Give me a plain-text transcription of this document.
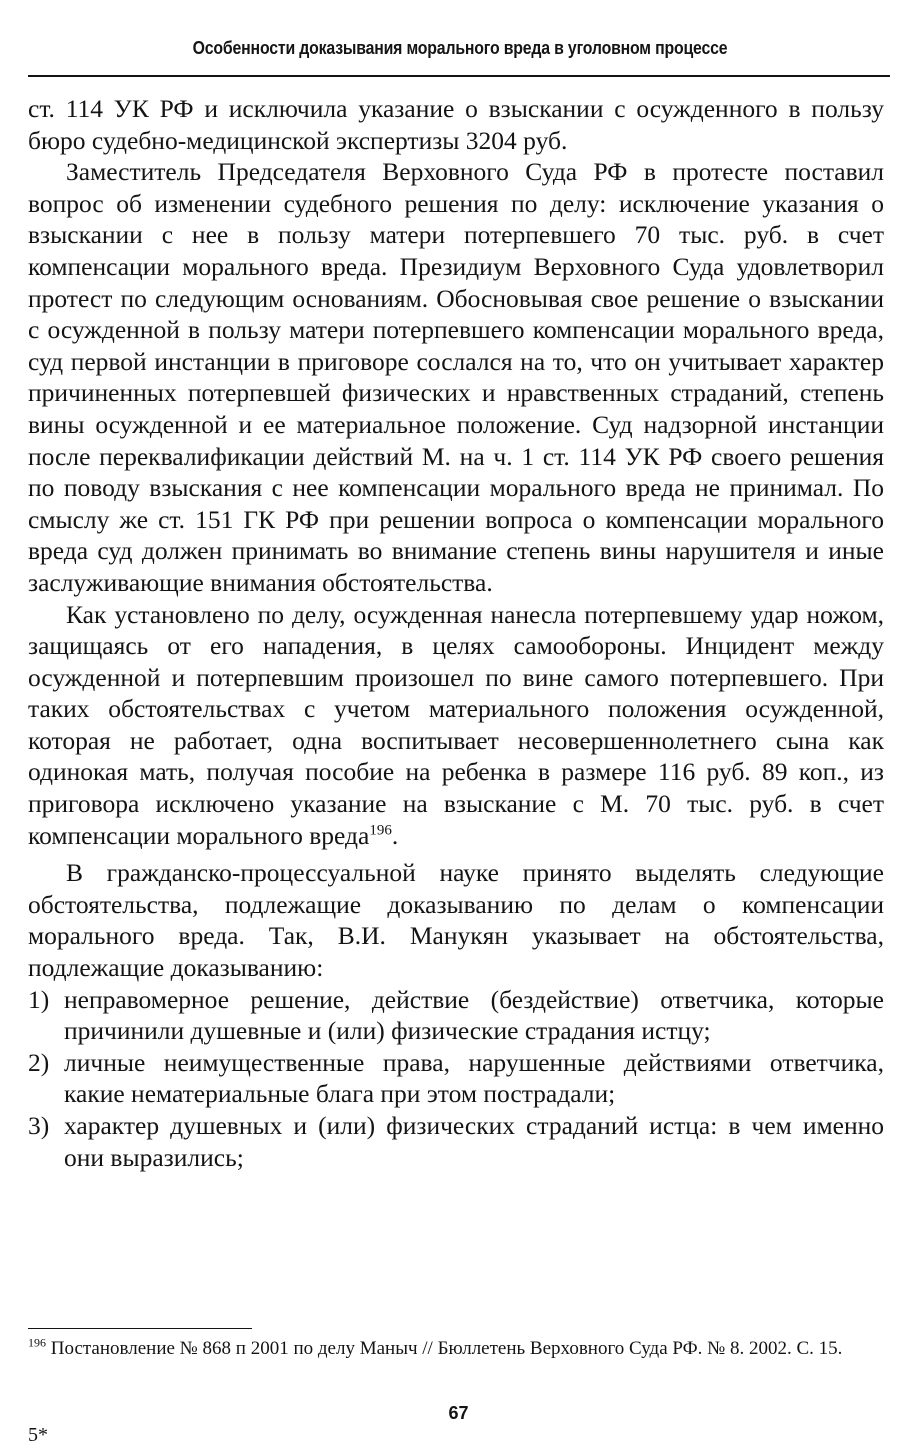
Особенности доказывания морального вреда в уголовном процессе

ст. 114 УК РФ и исключила указание о взыскании с осужденного в пользу бюро судебно-медицинской экспертизы 3204 руб.

Заместитель Председателя Верховного Суда РФ в протесте поставил вопрос об изменении судебного решения по делу: исключение указания о взыскании с нее в пользу матери потерпевшего 70 тыс. руб. в счет компенсации морального вреда. Президиум Верховного Суда удовлетворил протест по следующим основаниям. Обосновывая свое решение о взыскании с осужденной в пользу матери потерпевшего компенсации морального вреда, суд первой инстанции в приговоре сослался на то, что он учитывает характер причиненных потерпевшей физических и нравственных страданий, степень вины осужденной и ее материальное положение. Суд надзорной инстанции после переквалификации действий М. на ч. 1 ст. 114 УК РФ своего решения по поводу взыскания с нее компенсации морального вреда не принимал. По смыслу же ст. 151 ГК РФ при решении вопроса о компенсации морального вреда суд должен принимать во внимание степень вины нарушителя и иные заслуживающие внимания обстоятельства.

Как установлено по делу, осужденная нанесла потерпевшему удар ножом, защищаясь от его нападения, в целях самообороны. Инцидент между осужденной и потерпевшим произошел по вине самого потерпевшего. При таких обстоятельствах с учетом материального положения осужденной, которая не работает, одна воспитывает несовершеннолетнего сына как одинокая мать, получая пособие на ребенка в размере 116 руб. 89 коп., из приговора исключено указание на взыскание с М. 70 тыс. руб. в счет компенсации морального вреда$^{196}$.

В гражданско-процессуальной науке принято выделять следующие обстоятельства, подлежащие доказыванию по делам о компенсации морального вреда. Так, В.И. Манукян указывает на обстоятельства, подлежащие доказыванию:

1) неправомерное решение, действие (бездействие) ответчика, которые причинили душевные и (или) физические страдания истцу;
2) личные неимущественные права, нарушенные действиями ответчика, какие нематериальные блага при этом пострадали;
3) характер душевных и (или) физических страданий истца: в чем именно они выразились;
$^{196}$ Постановление № 868 п 2001 по делу Маныч // Бюллетень Верховного Суда РФ. № 8. 2002. С. 15.
67
5*
